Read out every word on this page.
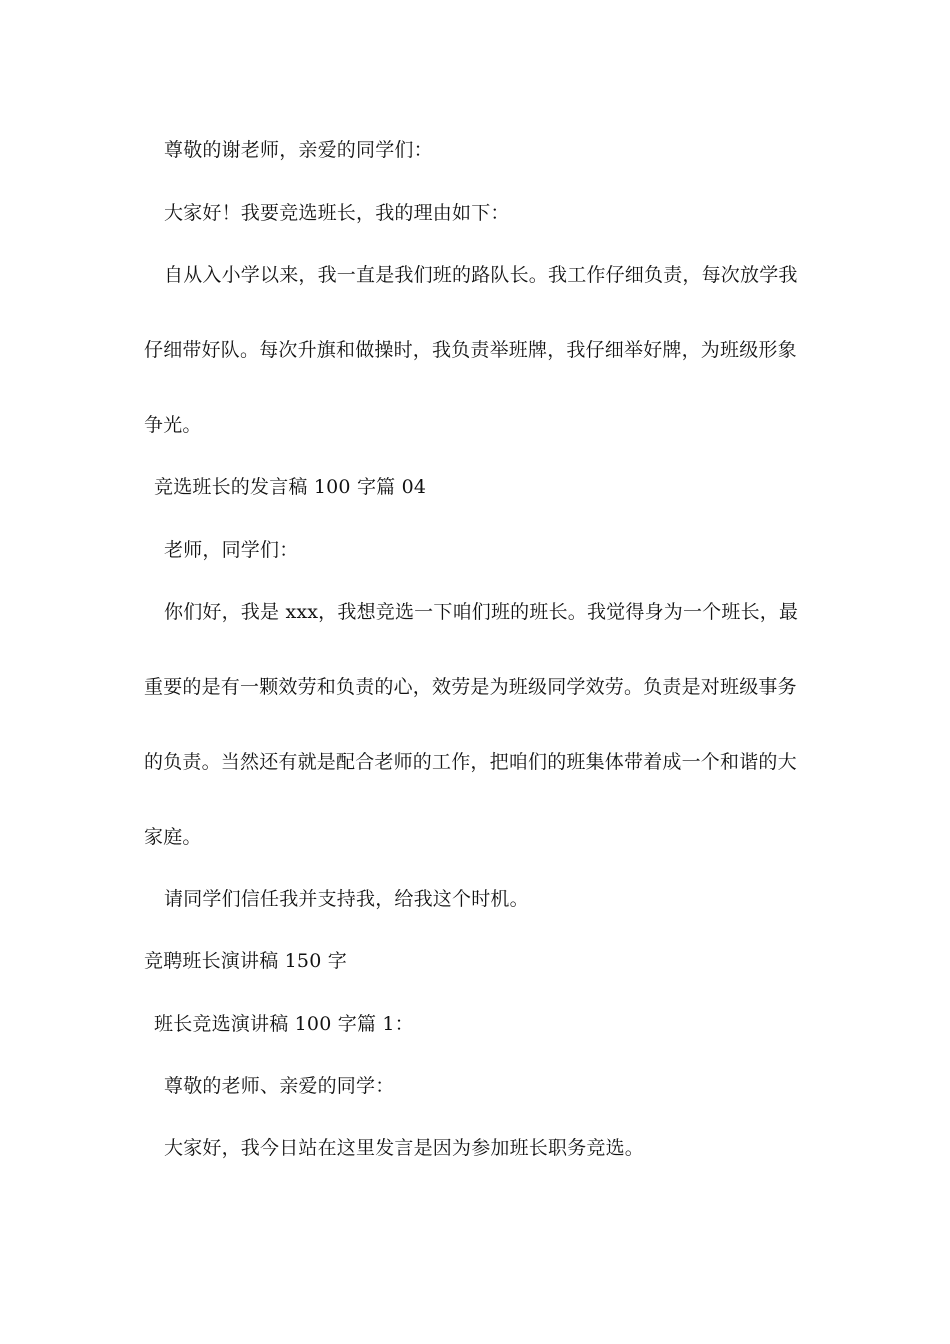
尊敬的谢老师，亲爱的同学们：
大家好！我要竞选班长，我的理由如下：
自从入小学以来，我一直是我们班的路队长。我工作仔细负责，每次放学我
仔细带好队。每次升旗和做操时，我负责举班牌，我仔细举好牌，为班级形象
争光。
竞选班长的发言稿 100 字篇 04
老师，同学们：
你们好，我是 xxx，我想竞选一下咱们班的班长。我觉得身为一个班长，最
重要的是有一颗效劳和负责的心，效劳是为班级同学效劳。负责是对班级事务
的负责。当然还有就是配合老师的工作，把咱们的班集体带着成一个和谐的大
家庭。
请同学们信任我并支持我，给我这个时机。
竞聘班长演讲稿 150 字
班长竞选演讲稿 100 字篇 1：
尊敬的老师、亲爱的同学：
大家好，我今日站在这里发言是因为参加班长职务竞选。
